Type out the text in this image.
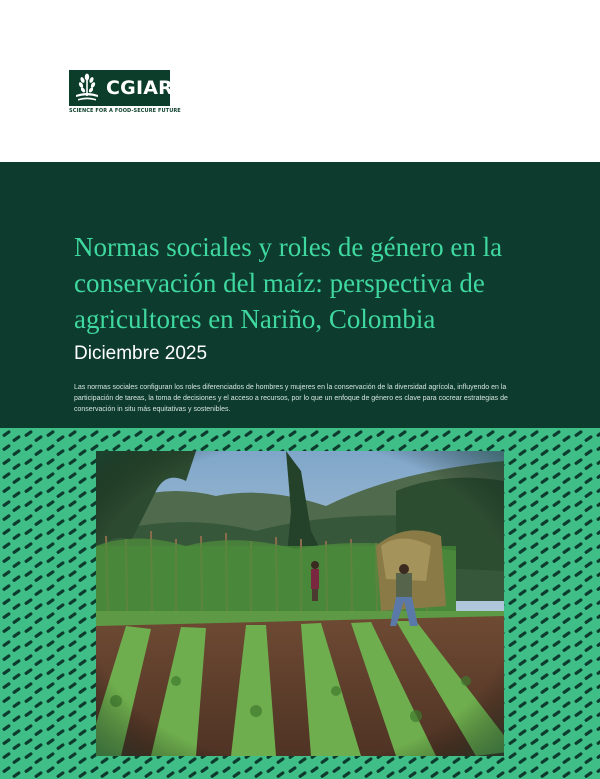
CGIAR
SCIENCE FOR A FOOD-SECURE FUTURE
Normas sociales y roles de género en la conservación del maíz: perspectiva de agricultores en Nariño, Colombia

Diciembre 2025

Las normas sociales configuran los roles diferenciados de hombres y mujeres en la conservación de la diversidad agrícola, influyendo en la participación de tareas, la toma de decisiones y el acceso a recursos, por lo que un enfoque de género es clave para cocrear estrategias de conservación in situ más equitativas y sostenibles.
